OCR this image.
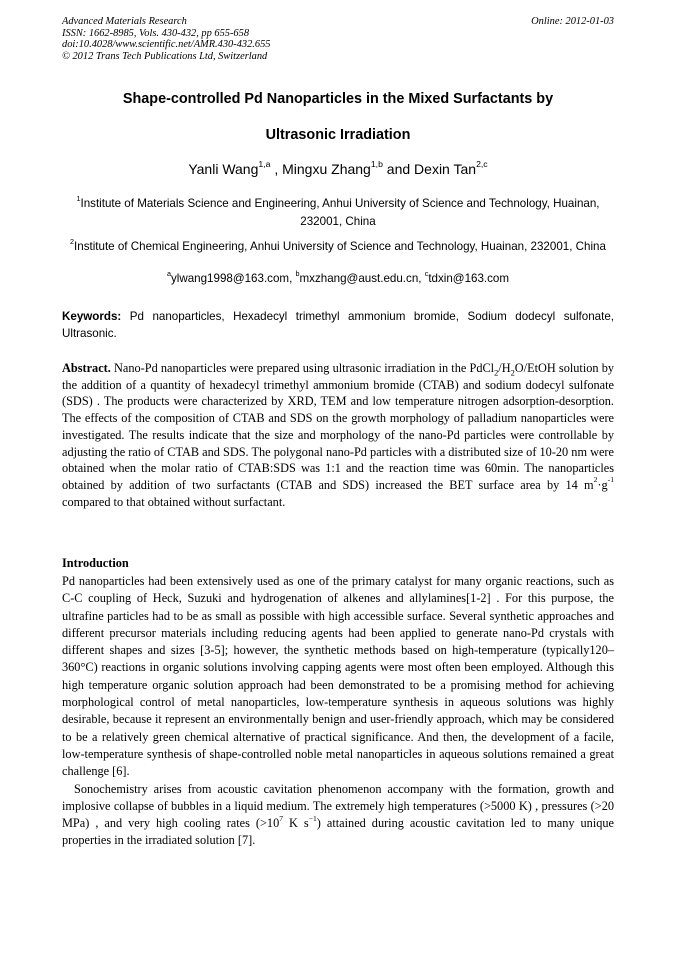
Advanced Materials Research
ISSN: 1662-8985, Vols. 430-432, pp 655-658
doi:10.4028/www.scientific.net/AMR.430-432.655
© 2012 Trans Tech Publications Ltd, Switzerland
Online: 2012-01-03
Shape-controlled Pd Nanoparticles in the Mixed Surfactants by
Ultrasonic Irradiation
Yanli Wang$^{1,a}$ , Mingxu Zhang$^{1,b}$ and Dexin Tan$^{2,c}$
$^1$Institute of Materials Science and Engineering, Anhui University of Science and Technology, Huainan, 232001, China
$^2$Institute of Chemical Engineering, Anhui University of Science and Technology, Huainan, 232001, China
$^a$ylwang1998@163.com, $^b$mxzhang@aust.edu.cn, $^c$tdxin@163.com
Keywords: Pd nanoparticles, Hexadecyl trimethyl ammonium bromide, Sodium dodecyl sulfonate, Ultrasonic.
Abstract. Nano-Pd nanoparticles were prepared using ultrasonic irradiation in the $PdCl_2/H_2O$/EtOH solution by the addition of a quantity of hexadecyl trimethyl ammonium bromide (CTAB) and sodium dodecyl sulfonate (SDS) . The products were characterized by XRD, TEM and low temperature nitrogen adsorption-desorption. The effects of the composition of CTAB and SDS on the growth morphology of palladium nanoparticles were investigated. The results indicate that the size and morphology of the nano-Pd particles were controllable by adjusting the ratio of CTAB and SDS. The polygonal nano-Pd particles with a distributed size of 10-20 nm were obtained when the molar ratio of CTAB:SDS was 1:1 and the reaction time was 60min. The nanoparticles obtained by addition of two surfactants (CTAB and SDS) increased the BET surface area by 14 $m^2\cdot g^{-1}$ compared to that obtained without surfactant.
Introduction

Pd nanoparticles had been extensively used as one of the primary catalyst for many organic reactions, such as C-C coupling of Heck, Suzuki and hydrogenation of alkenes and allylamines[1-2] . For this purpose, the ultrafine particles had to be as small as possible with high accessible surface. Several synthetic approaches and different precursor materials including reducing agents had been applied to generate nano-Pd crystals with different shapes and sizes [3-5]; however, the synthetic methods based on high-temperature (typically120–360°C) reactions in organic solutions involving capping agents were most often been employed. Although this high temperature organic solution approach had been demonstrated to be a promising method for achieving morphological control of metal nanoparticles, low-temperature synthesis in aqueous solutions was highly desirable, because it represent an environmentally benign and user-friendly approach, which may be considered to be a relatively green chemical alternative of practical significance. And then, the development of a facile, low-temperature synthesis of shape-controlled noble metal nanoparticles in aqueous solutions remained a great challenge [6].

Sonochemistry arises from acoustic cavitation phenomenon accompany with the formation, growth and implosive collapse of bubbles in a liquid medium. The extremely high temperatures (>5000 K) , pressures (>20 MPa) , and very high cooling rates ($>10^7$ K $s^{-1}$) attained during acoustic cavitation led to many unique properties in the irradiated solution [7].
